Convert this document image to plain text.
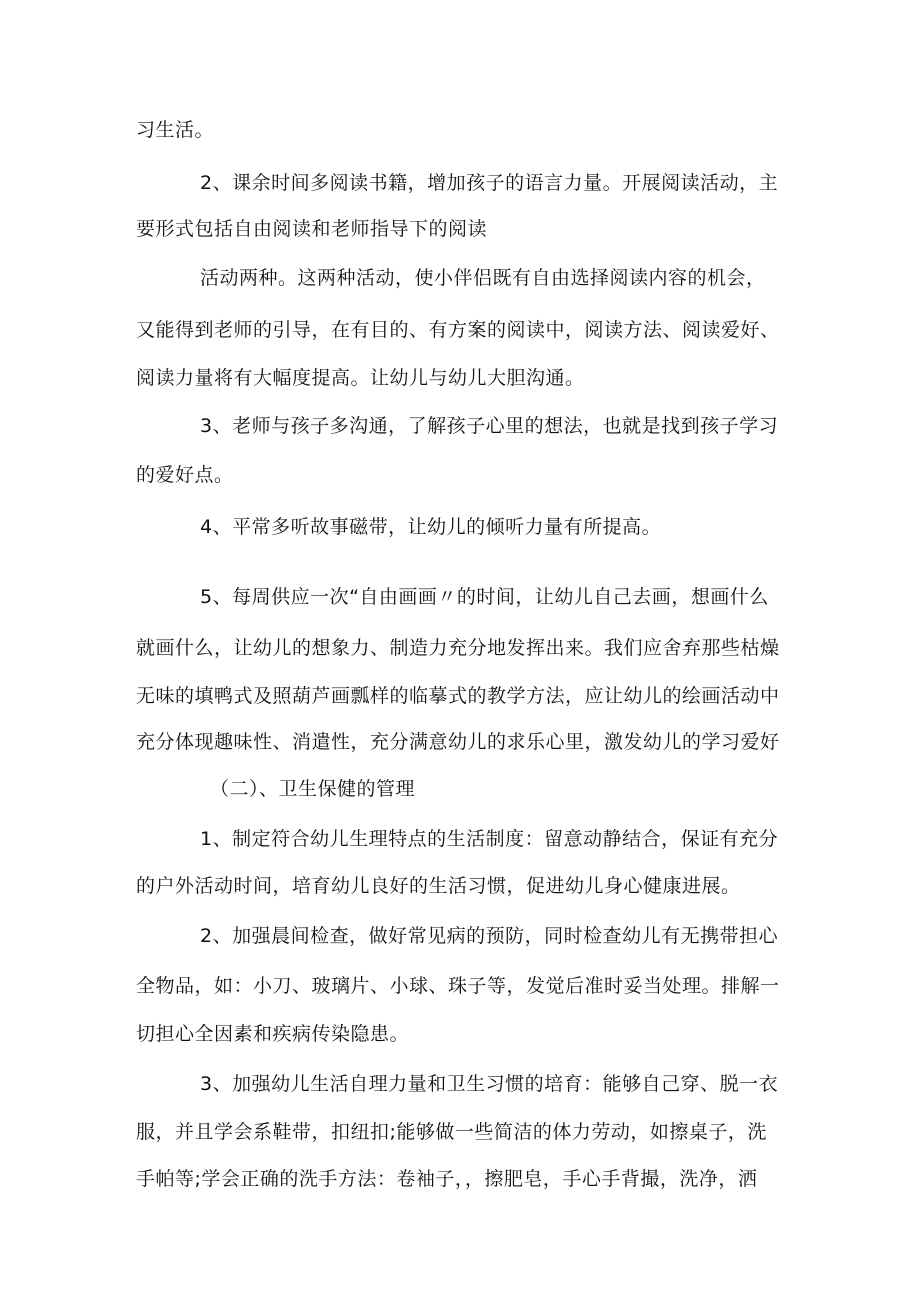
习生活。
2、课余时间多阅读书籍，增加孩子的语言力量。开展阅读活动，主
要形式包括自由阅读和老师指导下的阅读
活动两种。这两种活动，使小伴侣既有自由选择阅读内容的机会，
又能得到老师的引导，在有目的、有方案的阅读中，阅读方法、阅读爱好、
阅读力量将有大幅度提高。让幼儿与幼儿大胆沟通。
3、老师与孩子多沟通，了解孩子心里的想法，也就是找到孩子学习
的爱好点。
4、平常多听故事磁带，让幼儿的倾听力量有所提高。
5、每周供应一次“自由画画〃的时间，让幼儿自己去画，想画什么
就画什么，让幼儿的想象力、制造力充分地发挥出来。我们应舍弃那些枯燥
无味的填鸭式及照葫芦画瓢样的临摹式的教学方法，应让幼儿的绘画活动中
充分体现趣味性、消遣性，充分满意幼儿的求乐心里，激发幼儿的学习爱好
（二）、卫生保健的管理
1、制定符合幼儿生理特点的生活制度：留意动静结合，保证有充分
的户外活动时间，培育幼儿良好的生活习惯，促进幼儿身心健康进展。
2、加强晨间检查，做好常见病的预防，同时检查幼儿有无携带担心
全物品，如：小刀、玻璃片、小球、珠子等，发觉后准时妥当处理。排解一
切担心全因素和疾病传染隐患。
3、加强幼儿生活自理力量和卫生习惯的培育：能够自己穿、脱一衣
服，并且学会系鞋带，扣纽扣;能够做一些简洁的体力劳动，如擦桌子，洗
手帕等;学会正确的洗手方法：卷袖子，，擦肥皂，手心手背撮，洗净，洒
